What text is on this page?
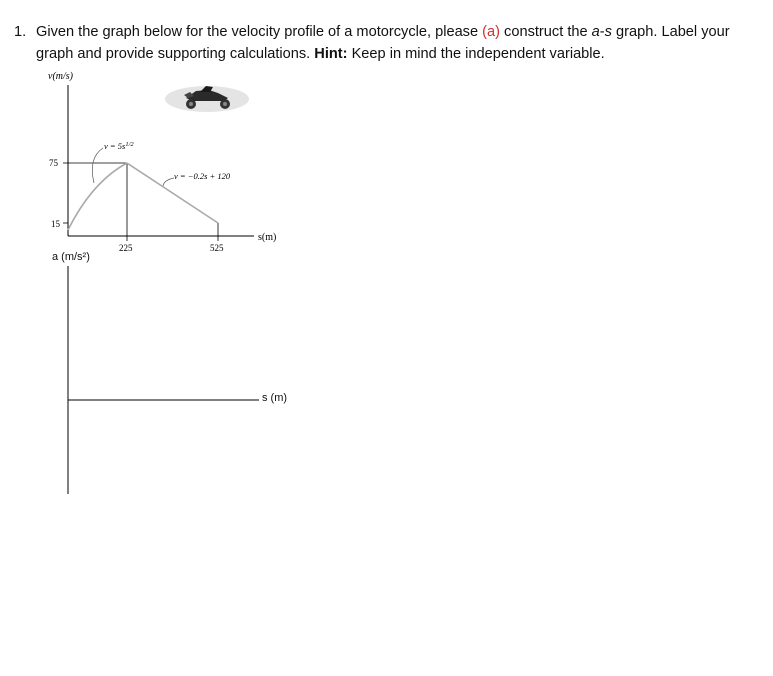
1. Given the graph below for the velocity profile of a motorcycle, please (a) construct the a-s graph. Label your graph and provide supporting calculations. Hint: Keep in mind the independent variable.
v(m/s)
s(m)
75
15
225	525
$v = 5s^{1/2}$
v = −0.2s + 120
a (m/s²)
s (m)
